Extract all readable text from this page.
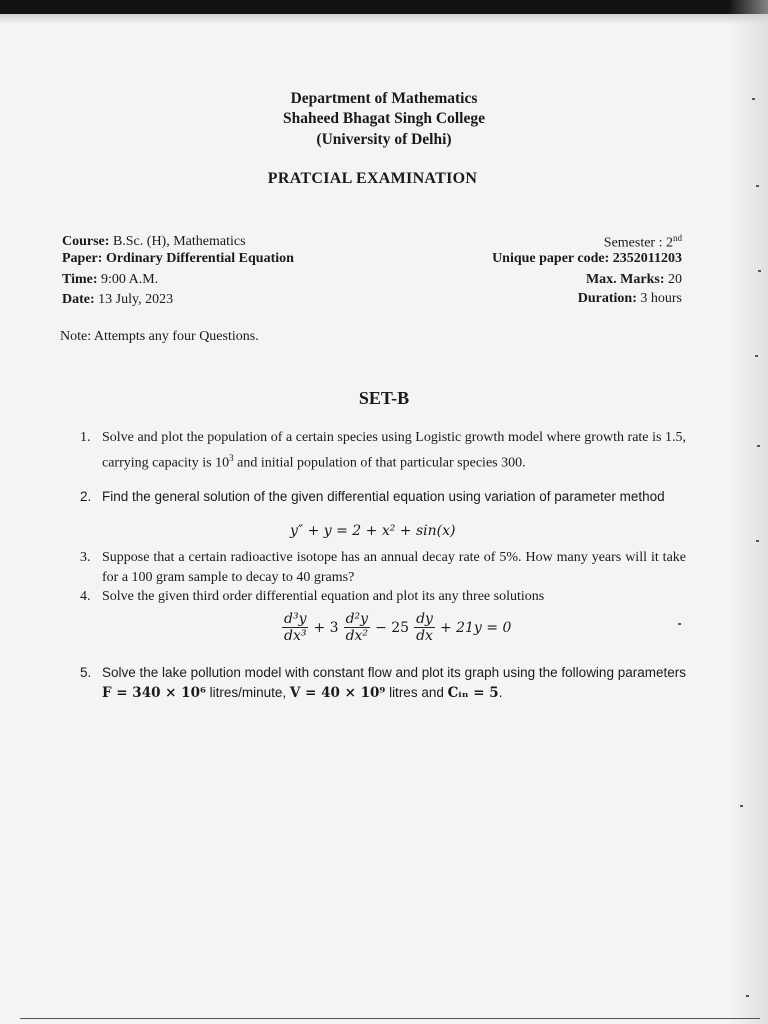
Department of Mathematics
Shaheed Bhagat Singh College
(University of Delhi)
PRATCIAL EXAMINATION
Course: B.Sc. (H), Mathematics
Paper: Ordinary Differential Equation
Time: 9:00 A.M.
Date: 13 July, 2023
Semester : 2nd
Unique paper code: 2352011203
Max. Marks: 20
Duration: 3 hours
Note: Attempts any four Questions.
SET-B
1. Solve and plot the population of a certain species using Logistic growth model where growth rate is 1.5, carrying capacity is $10^3$ and initial population of that particular species 300.
2. Find the general solution of the given differential equation using variation of parameter method
y″ + y = 2 + x² + sin(x)
3. Suppose that a certain radioactive isotope has an annual decay rate of 5%. How many years will it take for a 100 gram sample to decay to 40 grams?
4. Solve the given third order differential equation and plot its any three solutions
$\frac{\text{d³y}}{\text{dx³}} + 3 \frac{\text{d²y}}{\text{dx²}} - 25 \frac{dy}{dx} + 21y = 0$
5. Solve the lake pollution model with constant flow and plot its graph using the following parameters F = 340 × 10⁶ litres/minute, V = 40 × 10⁹ litres and Cᵢₙ = 5.
